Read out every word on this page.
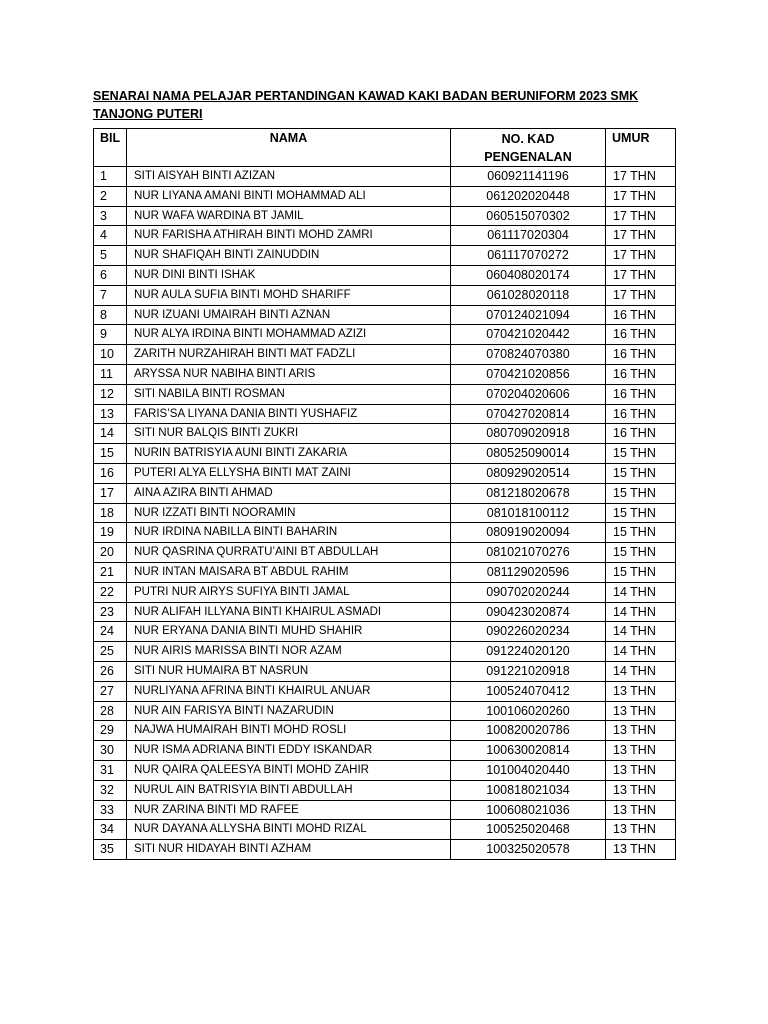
SENARAI NAMA PELAJAR PERTANDINGAN KAWAD KAKI BADAN BERUNIFORM 2023 SMK TANJONG PUTERI
BIL	NAMA	NO. KAD PENGENALAN	UMUR
1	SITI AISYAH BINTI AZIZAN	060921141196	17 THN
2	NUR LIYANA AMANI BINTI MOHAMMAD ALI	061202020448	17 THN
3	NUR WAFA WARDINA BT JAMIL	060515070302	17 THN
4	NUR FARISHA ATHIRAH BINTI MOHD ZAMRI	061117020304	17 THN
5	NUR SHAFIQAH BINTI ZAINUDDIN	061117070272	17 THN
6	NUR DINI BINTI ISHAK	060408020174	17 THN
7	NUR AULA SUFIA BINTI MOHD SHARIFF	061028020118	17 THN
8	NUR IZUANI UMAIRAH BINTI AZNAN	070124021094	16 THN
9	NUR ALYA IRDINA BINTI MOHAMMAD AZIZI	070421020442	16 THN
10	ZARITH NURZAHIRAH BINTI MAT FADZLI	070824070380	16 THN
11	ARYSSA NUR NABIHA BINTI ARIS	070421020856	16 THN
12	SITI NABILA BINTI ROSMAN	070204020606	16 THN
13	FARIS’SA LIYANA DANIA BINTI YUSHAFIZ	070427020814	16 THN
14	SITI NUR BALQIS BINTI ZUKRI	080709020918	16 THN
15	NURIN BATRISYIA AUNI BINTI ZAKARIA	080525090014	15 THN
16	PUTERI ALYA ELLYSHA BINTI MAT ZAINI	080929020514	15 THN
17	AINA AZIRA BINTI AHMAD	081218020678	15 THN
18	NUR IZZATI BINTI NOORAMIN	081018100112	15 THN
19	NUR IRDINA NABILLA BINTI BAHARIN	080919020094	15 THN
20	NUR QASRINA QURRATU’AINI BT ABDULLAH	081021070276	15 THN
21	NUR INTAN MAISARA BT ABDUL RAHIM	081129020596	15 THN
22	PUTRI NUR AIRYS SUFIYA BINTI JAMAL	090702020244	14 THN
23	NUR ALIFAH ILLYANA BINTI KHAIRUL ASMADI	090423020874	14 THN
24	NUR ERYANA DANIA BINTI MUHD SHAHIR	090226020234	14 THN
25	NUR AIRIS MARISSA BINTI NOR AZAM	091224020120	14 THN
26	SITI NUR HUMAIRA BT NASRUN	091221020918	14 THN
27	NURLIYANA AFRINA BINTI KHAIRUL ANUAR	100524070412	13 THN
28	NUR AIN FARISYA BINTI NAZARUDIN	100106020260	13 THN
29	NAJWA HUMAIRAH BINTI MOHD ROSLI	100820020786	13 THN
30	NUR ISMA ADRIANA BINTI EDDY ISKANDAR	100630020814	13 THN
31	NUR QAIRA QALEESYA BINTI MOHD ZAHIR	101004020440	13 THN
32	NURUL AIN BATRISYIA BINTI ABDULLAH	100818021034	13 THN
33	NUR ZARINA BINTI MD RAFEE	100608021036	13 THN
34	NUR DAYANA ALLYSHA BINTI MOHD RIZAL	100525020468	13 THN
35	SITI NUR HIDAYAH BINTI AZHAM	100325020578	13 THN
